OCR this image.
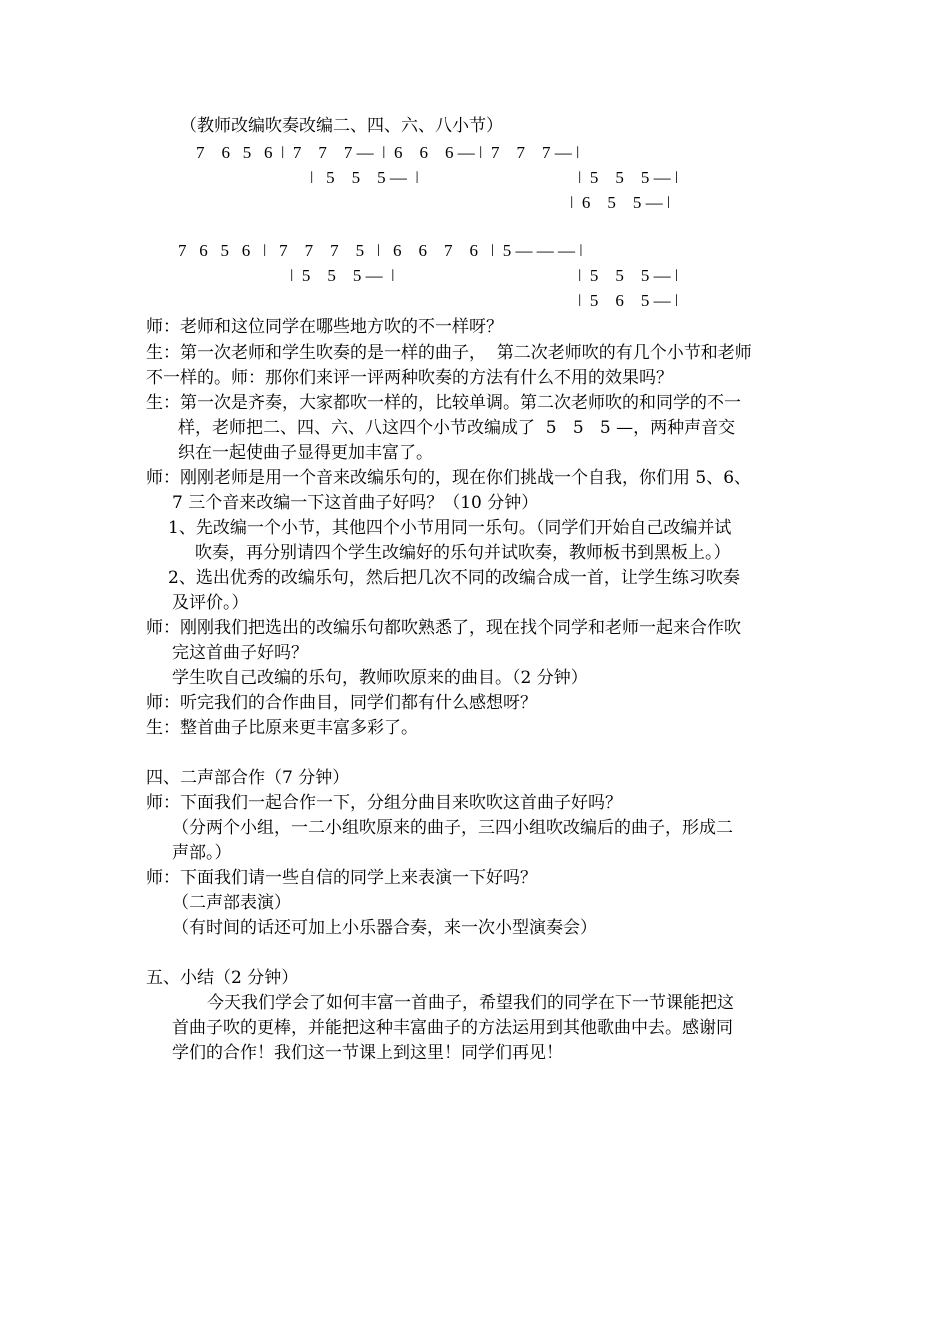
（教师改编吹奏改编二、四、六、八小节）
7    6   5   6  ǀ  7    7    7 —  ǀ  6    6    6 — ǀ  7    7    7 — ǀ
ǀ   5    5    5 —  ǀ	ǀ  5    5    5 — ǀ
ǀ  6    5    5 — ǀ
7   6   5   6   ǀ   7    7    7    5   ǀ   6    6    7    6   ǀ  5 — — — ǀ
ǀ  5    5    5 —  ǀ	ǀ  5    5    5 — ǀ
ǀ  5    6    5 — ǀ
师：老师和这位同学在哪些地方吹的不一样呀？
生：第一次老师和学生吹奏的是一样的曲子，  第二次老师吹的有几个小节和老师
不一样的。师：那你们来评一评两种吹奏的方法有什么不用的效果吗？
生：第一次是齐奏，大家都吹一样的，比较单调。第二次老师吹的和同学的不一
样，老师把二、四、六、八这四个小节改编成了  5   5   5 —，两种声音交
织在一起使曲子显得更加丰富了。
师：刚刚老师是用一个音来改编乐句的，现在你们挑战一个自我，你们用 5、6、
7 三个音来改编一下这首曲子好吗？（10 分钟）
1、先改编一个小节，其他四个小节用同一乐句。（同学们开始自己改编并试
吹奏，再分别请四个学生改编好的乐句并试吹奏，教师板书到黑板上。）
2、选出优秀的改编乐句，然后把几次不同的改编合成一首，让学生练习吹奏
及评价。）
师：刚刚我们把选出的改编乐句都吹熟悉了，现在找个同学和老师一起来合作吹
完这首曲子好吗？
学生吹自己改编的乐句，教师吹原来的曲目。（2 分钟）
师：听完我们的合作曲目，同学们都有什么感想呀？
生：整首曲子比原来更丰富多彩了。
四、二声部合作（7 分钟）
师：下面我们一起合作一下，分组分曲目来吹吹这首曲子好吗？
（分两个小组，一二小组吹原来的曲子，三四小组吹改编后的曲子，形成二
声部。）
师：下面我们请一些自信的同学上来表演一下好吗？
（二声部表演）
（有时间的话还可加上小乐器合奏，来一次小型演奏会）
五、小结（2 分钟）
今天我们学会了如何丰富一首曲子，希望我们的同学在下一节课能把这
首曲子吹的更棒，并能把这种丰富曲子的方法运用到其他歌曲中去。感谢同
学们的合作！我们这一节课上到这里！同学们再见！
